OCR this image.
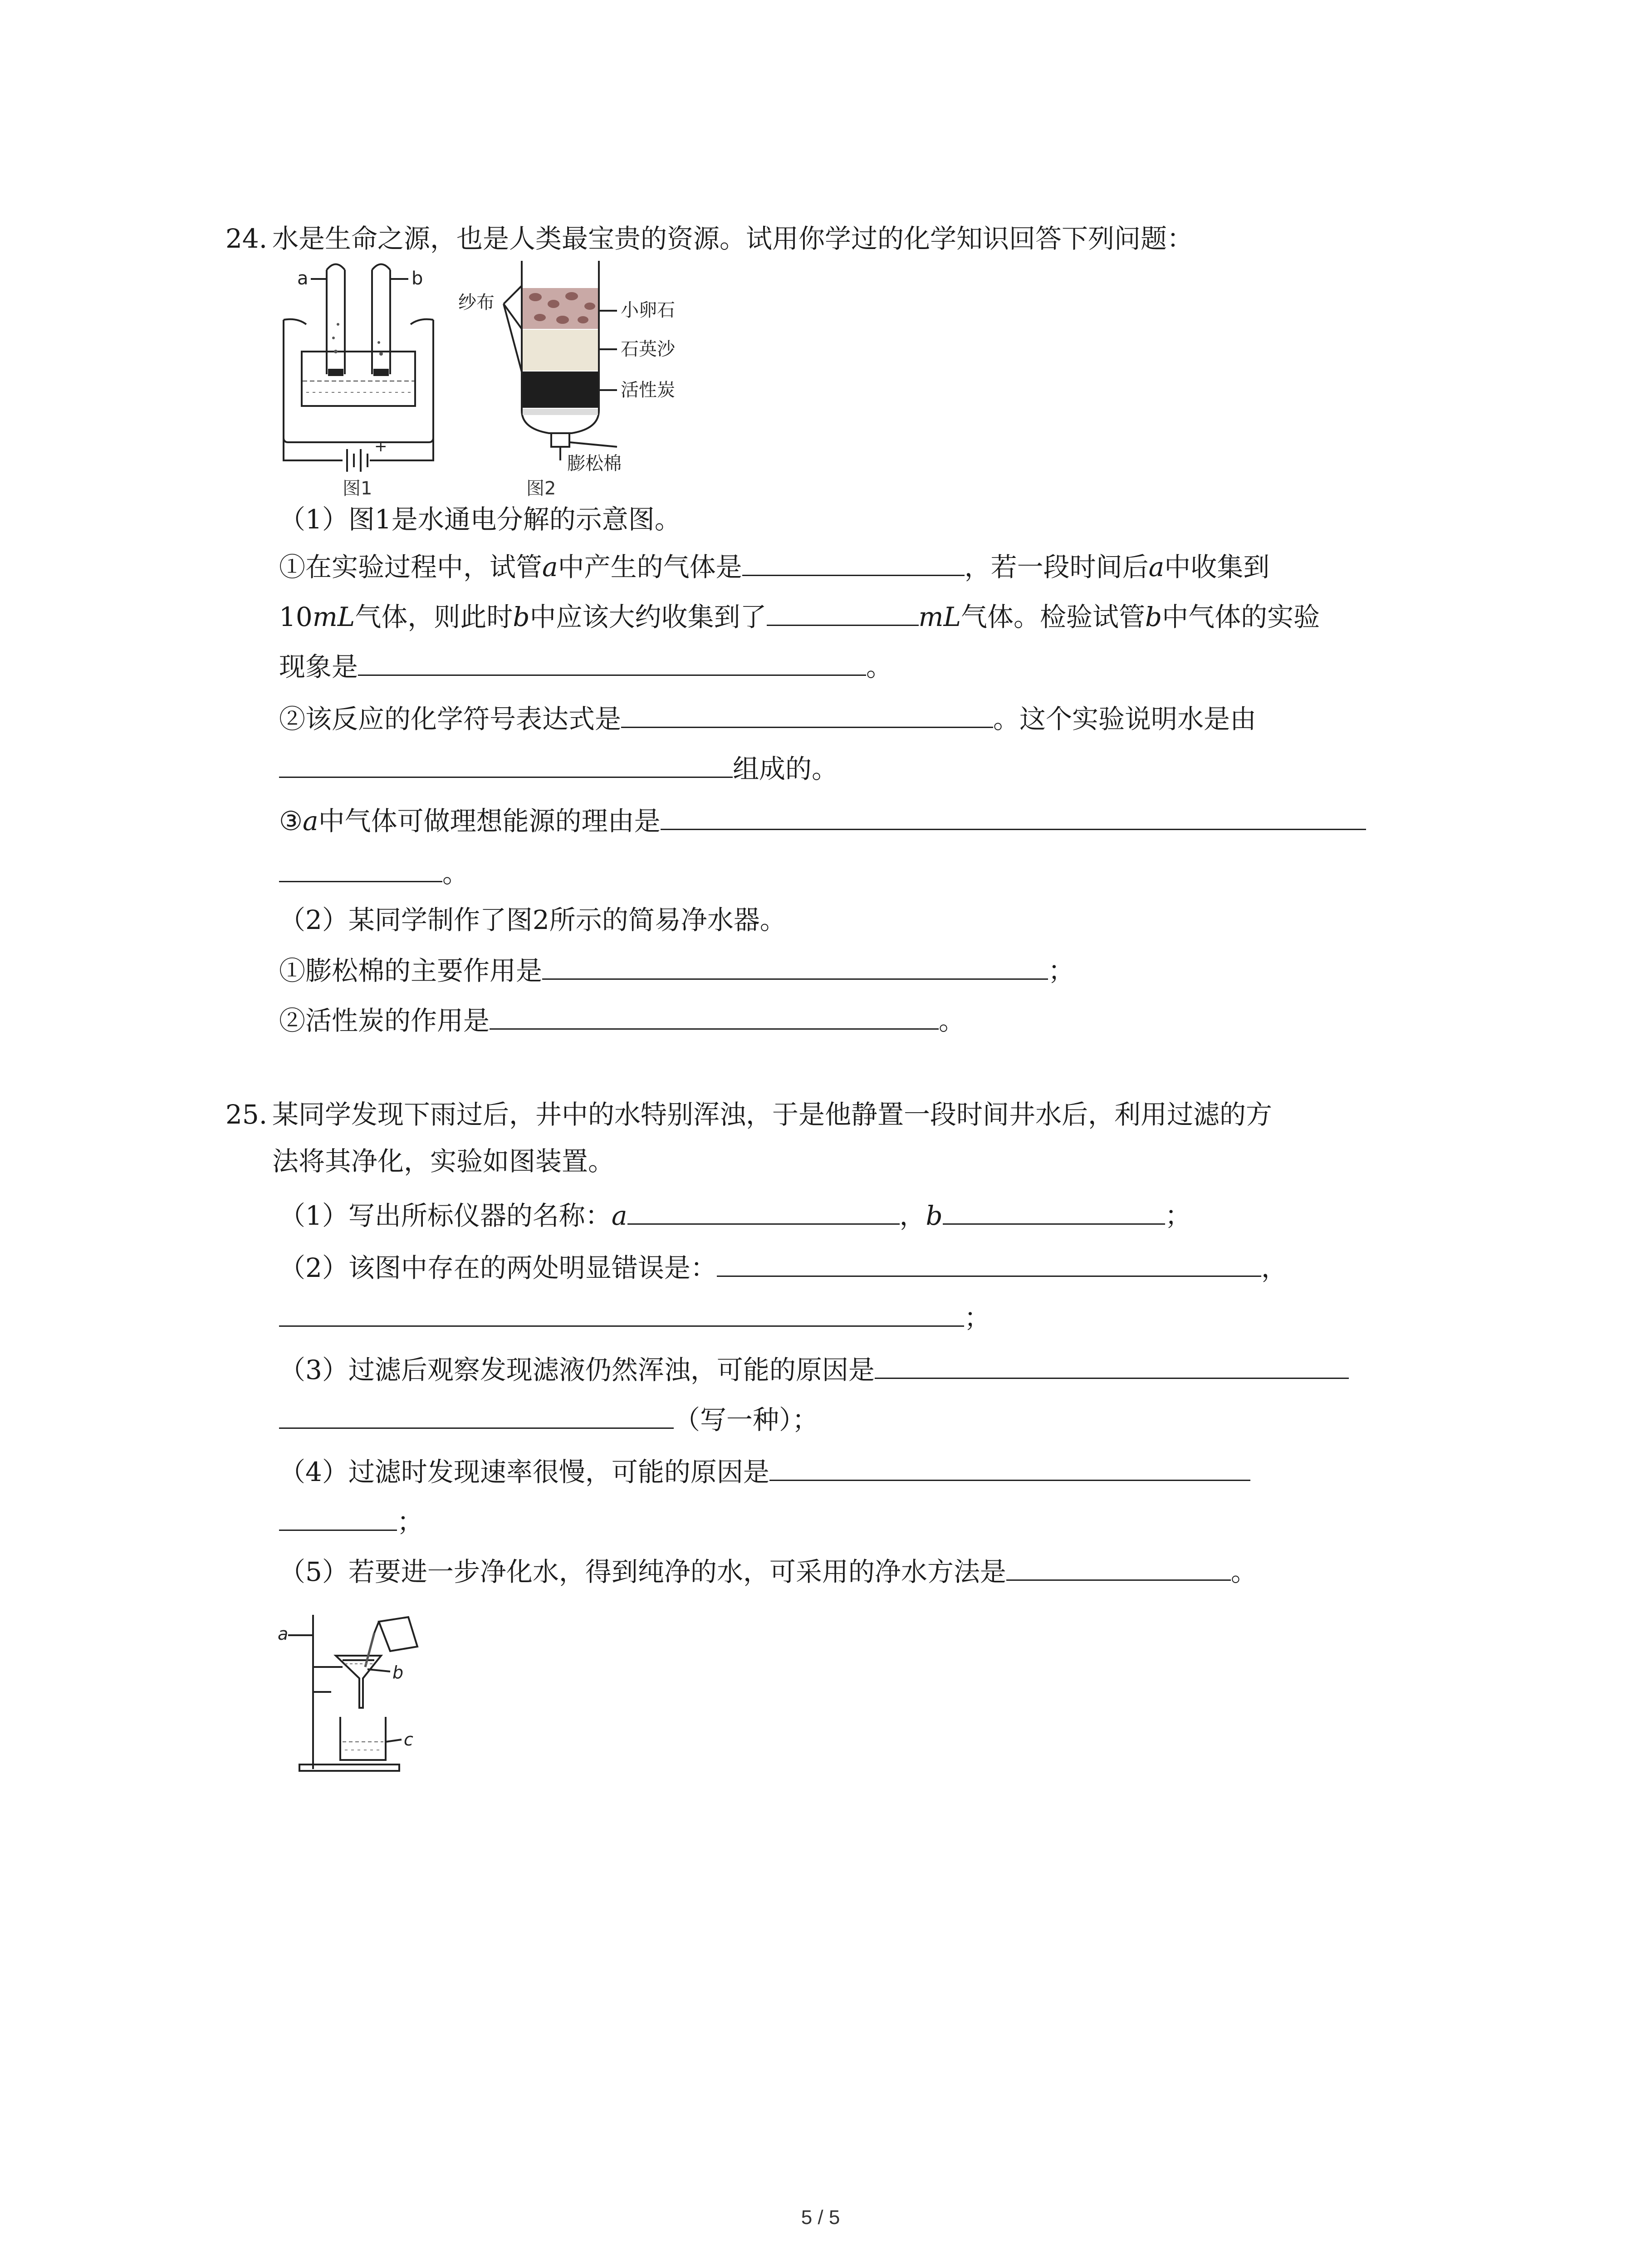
24. 水是生命之源，也是人类最宝贵的资源。试用你学过的化学知识回答下列问题：
a	b
+
图1
纱布	小卵石
石英沙
活性炭
膨松棉
图2
（1）图1是水通电分解的示意图。
①在实验过程中，试管a中产生的气体是	，若一段时间后a中收集到
10mL气体，则此时b中应该大约收集到了	mL气体。检验试管b中气体的实验
现象是	。
②该反应的化学符号表达式是	。这个实验说明水是由
组成的。
③a中气体可做理想能源的理由是
。
（2）某同学制作了图2所示的简易净水器。
①膨松棉的主要作用是	；
②活性炭的作用是	。
25. 某同学发现下雨过后，井中的水特别浑浊，于是他静置一段时间井水后，利用过滤的方
法将其净化，实验如图装置。
（1）写出所标仪器的名称：a	，b	；
（2）该图中存在的两处明显错误是：	，
；
（3）过滤后观察发现滤液仍然浑浊，可能的原因是
（写一种）；
（4）过滤时发现速率很慢，可能的原因是
；
（5）若要进一步净化水，得到纯净的水，可采用的净水方法是	。
a
b
c
5 / 5
